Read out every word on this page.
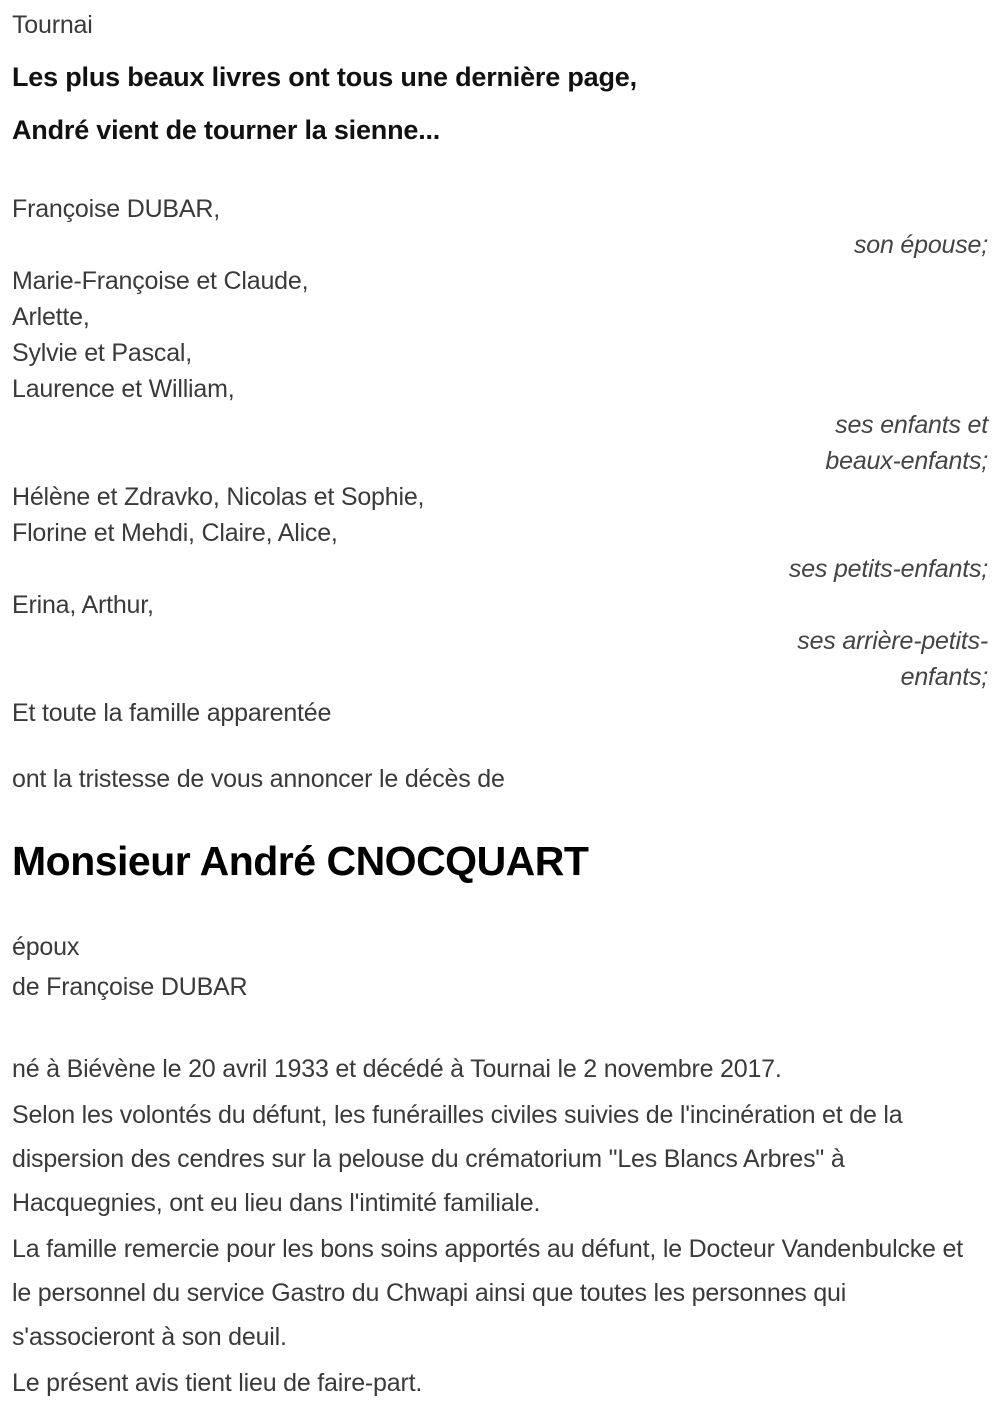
Tournai

Les plus beaux livres ont tous une dernière page,

André vient de tourner la sienne...

Françoise DUBAR,

son épouse;

Marie-Françoise et Claude,

Arlette,

Sylvie et Pascal,

Laurence et William,

ses enfants et

beaux-enfants;

Hélène et Zdravko, Nicolas et Sophie,

Florine et Mehdi, Claire, Alice,

ses petits-enfants;

Erina, Arthur,

ses arrière-petits-

enfants;

Et toute la famille apparentée

ont la tristesse de vous annoncer le décès de

Monsieur André CNOCQUART

époux

de Françoise DUBAR

né à Biévène le 20 avril 1933 et décédé à Tournai le 2 novembre 2017.

Selon les volontés du défunt, les funérailles civiles suivies de l'incinération et de la dispersion des cendres sur la pelouse du crématorium "Les Blancs Arbres" à Hacquegnies, ont eu lieu dans l'intimité familiale.

La famille remercie pour les bons soins apportés au défunt, le Docteur Vandenbulcke et le personnel du service Gastro du Chwapi ainsi que toutes les personnes qui s'associeront à son deuil.

Le présent avis tient lieu de faire-part.
